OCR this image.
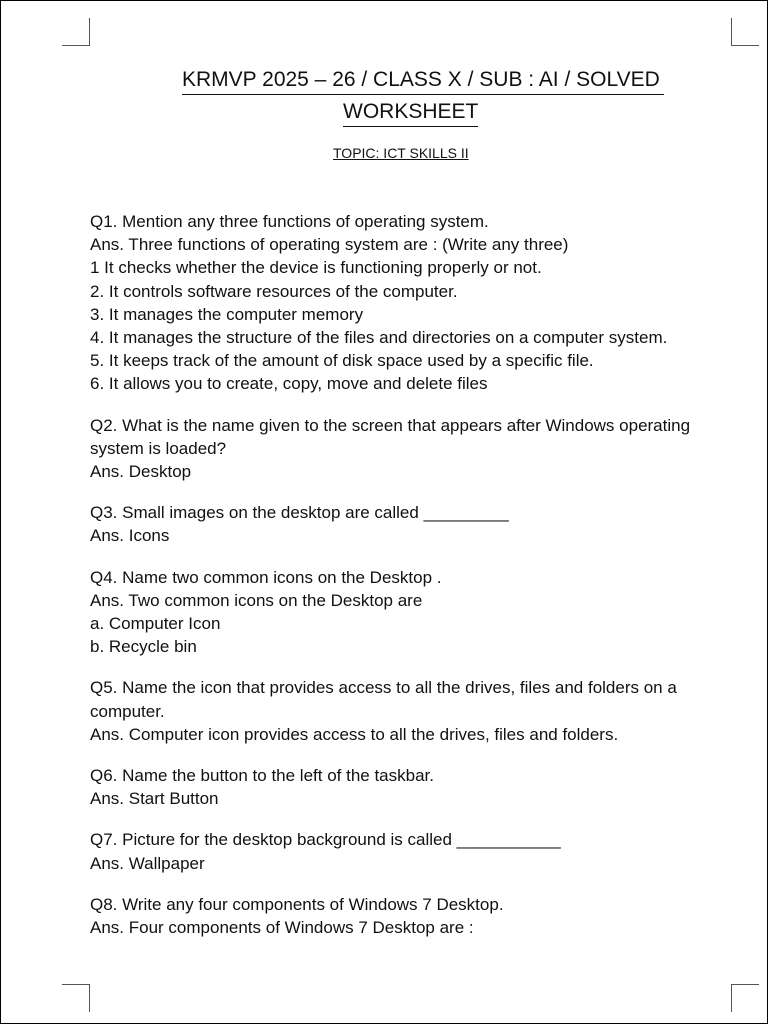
KRMVP 2025 – 26 / CLASS X / SUB : AI / SOLVED
WORKSHEET
TOPIC: ICT SKILLS II
Q1. Mention any three functions of operating system.
Ans. Three functions of operating system are : (Write any three)
1 It checks whether the device is functioning properly or not.
2. It controls software resources of the computer.
3. It manages the computer memory
4. It manages the structure of the files and directories on a computer system.
5. It keeps track of the amount of disk space used by a specific file.
6. It allows you to create, copy, move and delete files
Q2. What is the name given to the screen that appears after Windows operating system is loaded?
Ans. Desktop
Q3. Small images on the desktop are called _________
Ans. Icons
Q4. Name two common icons on the Desktop .
Ans. Two common icons on the Desktop are
a. Computer Icon
b. Recycle bin
Q5. Name the icon that provides access to all the drives, files and folders on a computer.
Ans. Computer icon provides access to all the drives, files and folders.
Q6. Name the button to the left of the taskbar.
Ans. Start Button
Q7. Picture for the desktop background is called ___________
Ans. Wallpaper
Q8. Write any four components of Windows 7 Desktop.
Ans. Four components of Windows 7 Desktop are :
